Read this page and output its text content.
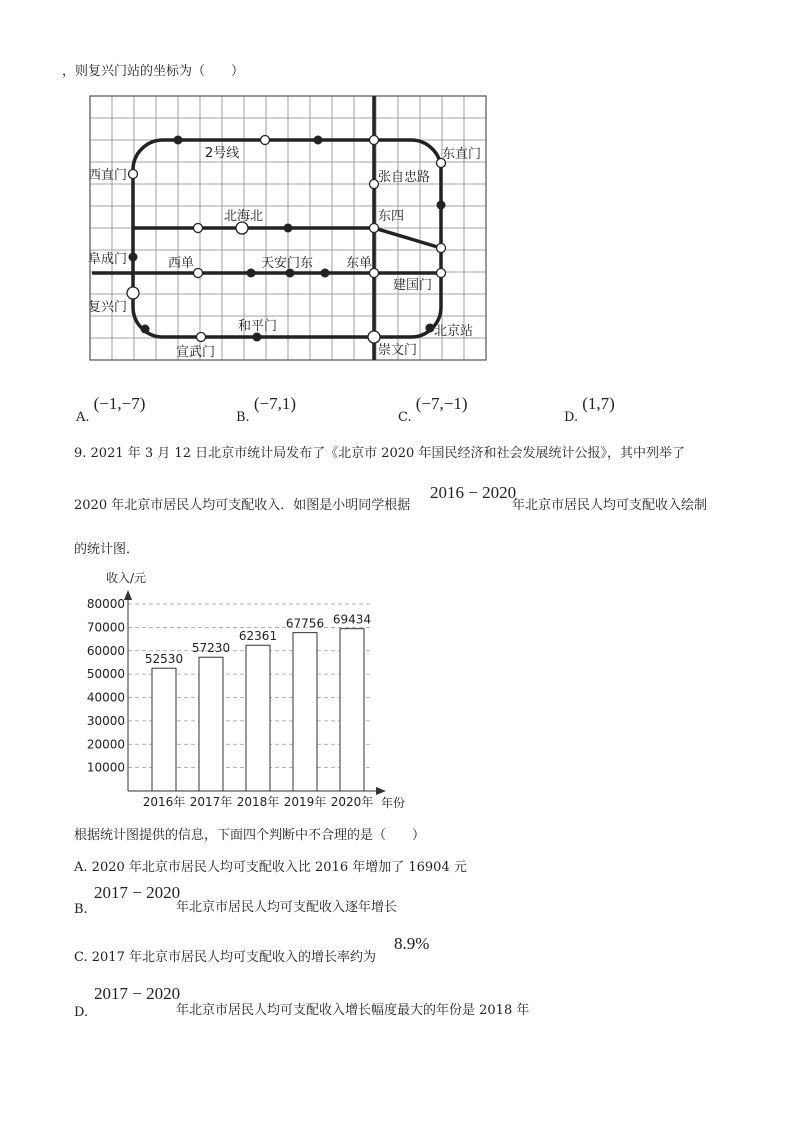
，则复兴门站的坐标为（　　）
2号线	东直门
西直门	张自忠路
北海北	东四
阜成门	西单	天安门东	东单
建国门
复兴门
和平门	北京站
宣武门	崇文门
A. (−1,−7)
B. (−7,1)
C. (−7,−1)
D. (1,7)
9. 2021 年 3 月 12 日北京市统计局发布了《北京市 2020 年国民经济和社会发展统计公报》，其中列举了
2020 年北京市居民人均可支配收入．如图是小明同学根据
2016 − 2020
年北京市居民人均可支配收入绘制
的统计图．
收入/元
年份
10000
20000
30000
40000
50000
60000
70000
80000
52530
57230
62361
67756 69434
2016年 2017年 2018年 2019年 2020年
根据统计图提供的信息，下面四个判断中不合理的是（　　）
A. 2020 年北京市居民人均可支配收入比 2016 年增加了 16904 元
B.
2017 − 2020
年北京市居民人均可支配收入逐年增长
C. 2017 年北京市居民人均可支配收入的增长率约为
8.9%
D.
2017 − 2020
年北京市居民人均可支配收入增长幅度最大的年份是 2018 年
